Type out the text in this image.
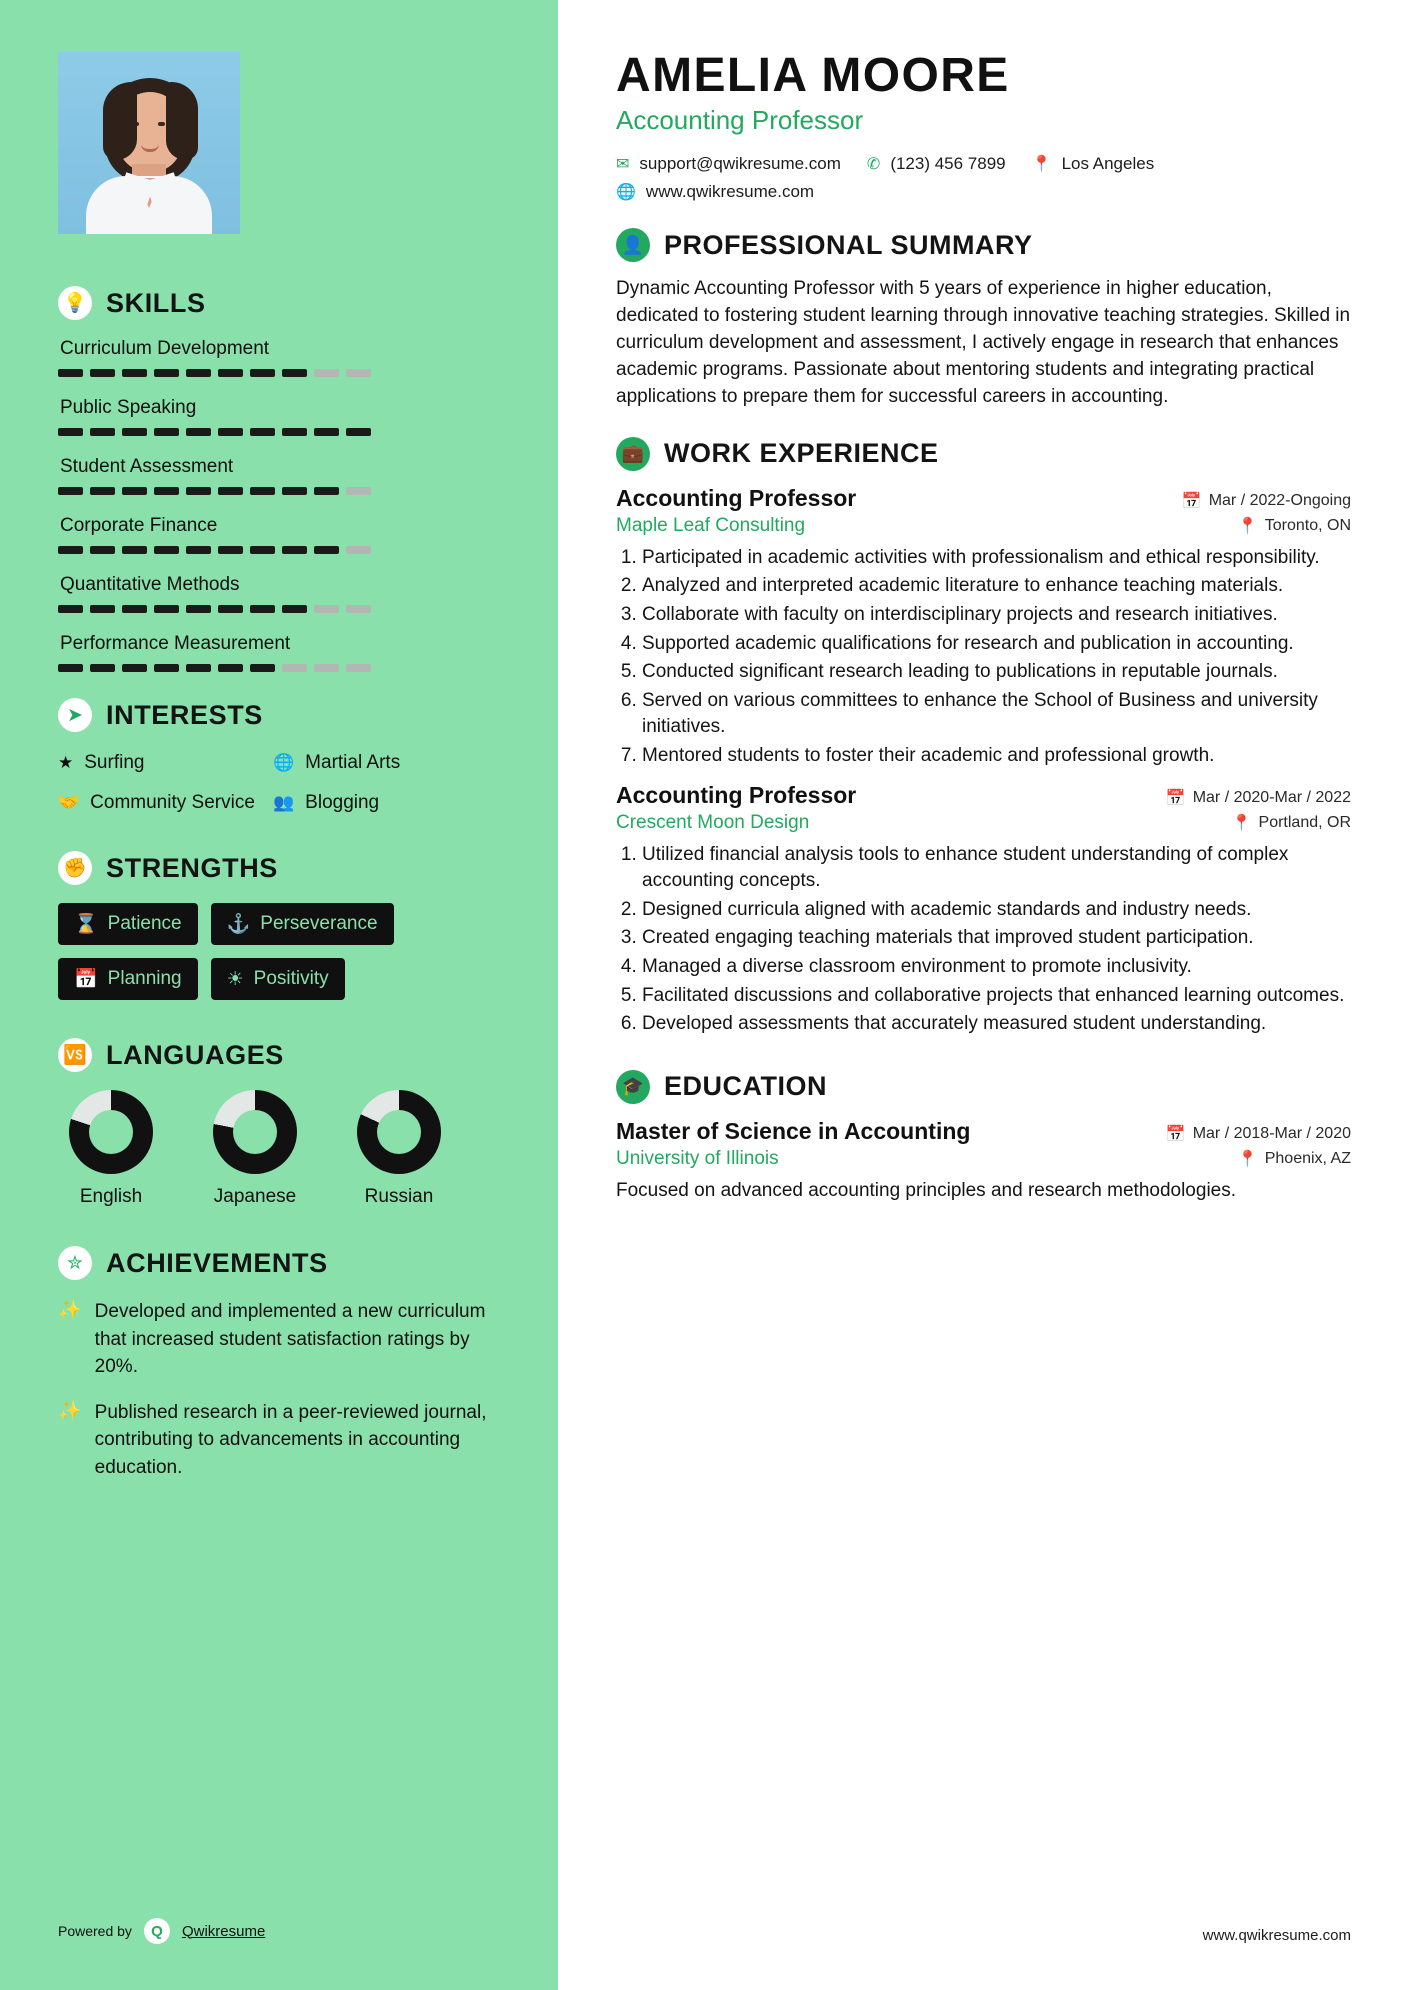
💡 SKILLS
Curriculum Development
Public Speaking
Student Assessment
Corporate Finance
Quantitative Methods
Performance Measurement
➤ INTERESTS
★ Surfing	🌐 Martial Arts
🤝 Community Service 👥 Blogging
✊ STRENGTHS
⌛ Patience ⚓ Perseverance
📅 Planning ☀ Positivity
🆚 LANGUAGES
English	Japanese	Russian
✮ ACHIEVEMENTS
✨ Developed and implemented a new curriculum that increased student satisfaction ratings by 20%.
✨ Published research in a peer-reviewed journal, contributing to advancements in accounting education.
Powered by	Q	Qwikresume
AMELIA MOORE
Accounting Professor
✉ support@qwikresume.com ✆ (123) 456 7899 📍 Los Angeles
🌐 www.qwikresume.com
👤 PROFESSIONAL SUMMARY

Dynamic Accounting Professor with 5 years of experience in higher education, dedicated to fostering student learning through innovative teaching strategies. Skilled in curriculum development and assessment, I actively engage in research that enhances academic programs. Passionate about mentoring students and integrating practical applications to prepare them for successful careers in accounting.

💼 WORK EXPERIENCE
Accounting Professor	📅 Mar / 2022-Ongoing
Maple Leaf Consulting	📍 Toronto, ON
1. Participated in academic activities with professionalism and ethical responsibility.
2. Analyzed and interpreted academic literature to enhance teaching materials.
3. Collaborate with faculty on interdisciplinary projects and research initiatives.
4. Supported academic qualifications for research and publication in accounting.
5. Conducted significant research leading to publications in reputable journals.
6. Served on various committees to enhance the School of Business and university initiatives.
7. Mentored students to foster their academic and professional growth.
Accounting Professor	📅 Mar / 2020-Mar / 2022
Crescent Moon Design	📍 Portland, OR
1. Utilized financial analysis tools to enhance student understanding of complex accounting concepts.
2. Designed curricula aligned with academic standards and industry needs.
3. Created engaging teaching materials that improved student participation.
4. Managed a diverse classroom environment to promote inclusivity.
5. Facilitated discussions and collaborative projects that enhanced learning outcomes.
6. Developed assessments that accurately measured student understanding.
🎓 EDUCATION
Master of Science in Accounting	📅 Mar / 2018-Mar / 2020
University of Illinois	📍 Phoenix, AZ

Focused on advanced accounting principles and research methodologies.

www.qwikresume.com
